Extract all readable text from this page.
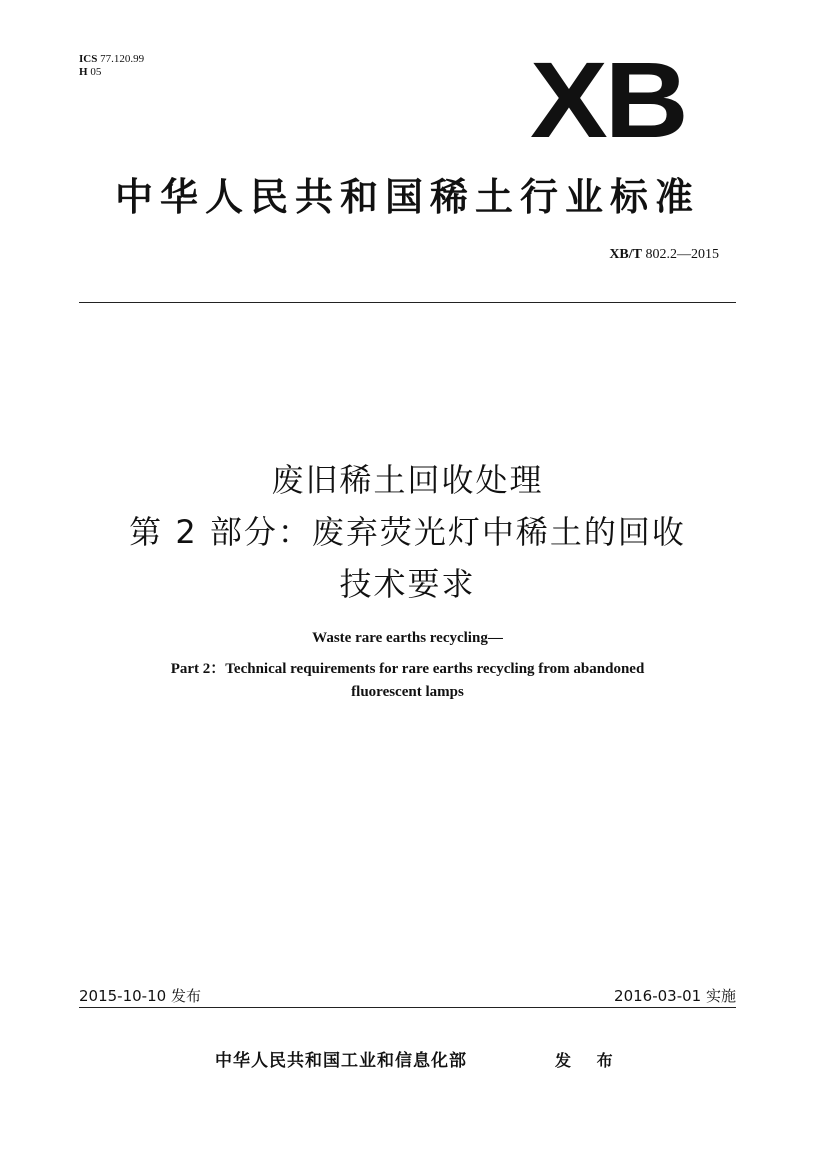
ICS 77.120.99
H 05	XB
中华人民共和国稀土行业标准
XB/T 802.2—2015
废旧稀土回收处理
第 2 部分：废弃荧光灯中稀土的回收
技术要求
Waste rare earths recycling—
Part 2：Technical requirements for rare earths recycling from abandoned
fluorescent lamps
2015-10-10 发布	2016-03-01 实施
中华人民共和国工业和信息化部	发 布
